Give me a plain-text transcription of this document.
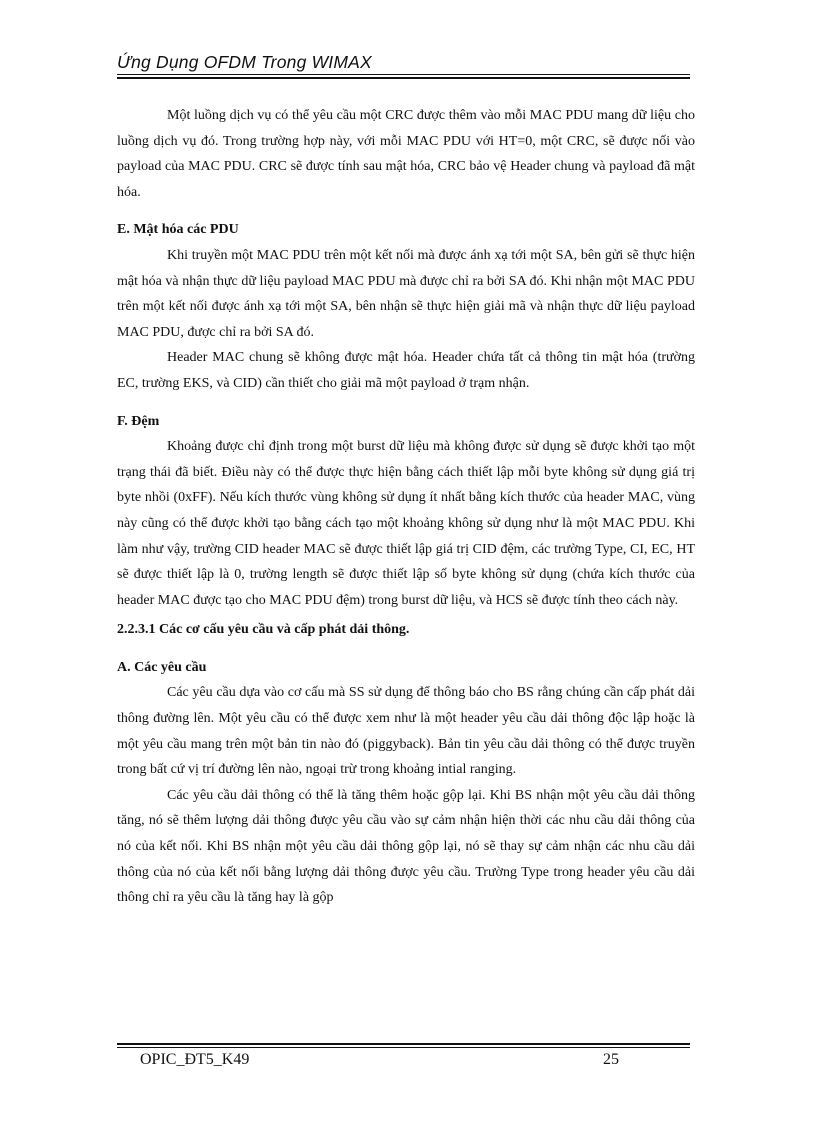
Ứng Dụng OFDM Trong WIMAX

Một luồng dịch vụ có thể yêu cầu một CRC được thêm vào mỗi MAC PDU mang dữ liệu cho luồng dịch vụ đó. Trong trường hợp này, với mỗi MAC PDU với HT=0, một CRC, sẽ được nối vào payload của MAC PDU. CRC sẽ được tính sau mật hóa, CRC bảo vệ Header chung và payload đã mật hóa.

E. Mật hóa các PDU

Khi truyền một MAC PDU trên một kết nối mà được ánh xạ tới một SA, bên gửi sẽ thực hiện mật hóa và nhận thực dữ liệu payload MAC PDU mà được chỉ ra bởi SA đó. Khi nhận một MAC PDU trên một kết nối được ánh xạ tới một SA, bên nhận sẽ thực hiện giải mã và nhận thực dữ liệu payload MAC PDU, được chỉ ra bởi SA đó.

Header MAC chung sẽ không được mật hóa. Header chứa tất cả thông tin mật hóa (trường EC, trường EKS, và CID) cần thiết cho giải mã một payload ở trạm nhận.

F. Đệm

Khoảng được chỉ định trong một burst dữ liệu mà không được sử dụng sẽ được khởi tạo một trạng thái đã biết. Điều này có thể được thực hiện bằng cách thiết lập mỗi byte không sử dụng giá trị byte nhồi (0xFF). Nếu kích thước vùng không sử dụng ít nhất bằng kích thước của header MAC, vùng này cũng có thể được khởi tạo bằng cách tạo một khoảng không sử dụng như là một MAC PDU. Khi làm như vậy, trường CID header MAC sẽ được thiết lập giá trị CID đệm, các trường Type, CI, EC, HT sẽ được thiết lập là 0, trường length sẽ được thiết lập số byte không sử dụng (chứa kích thước của header MAC được tạo cho MAC PDU đệm) trong burst dữ liệu, và HCS sẽ được tính theo cách này.

2.2.3.1 Các cơ cấu yêu cầu và cấp phát dải thông.

A. Các yêu cầu

Các yêu cầu dựa vào cơ cấu mà SS sử dụng để thông báo cho BS rằng chúng cần cấp phát dải thông đường lên. Một yêu cầu có thể được xem như là một header yêu cầu dải thông độc lập hoặc là một yêu cầu mang trên một bản tin nào đó (piggyback). Bản tin yêu cầu dải thông có thể được truyền trong bất cứ vị trí đường lên nào, ngoại trừ trong khoảng intial ranging.

Các yêu cầu dải thông có thể là tăng thêm hoặc gộp lại. Khi BS nhận một yêu cầu dải thông tăng, nó sẽ thêm lượng dải thông được yêu cầu vào sự cảm nhận hiện thời các nhu cầu dải thông của nó của kết nối. Khi BS nhận một yêu cầu dải thông gộp lại, nó sẽ thay sự cảm nhận các nhu cầu dải thông của nó của kết nối bằng lượng dải thông được yêu cầu. Trường Type trong header yêu cầu dải thông chỉ ra yêu cầu là tăng hay là gộp

OPIC_ĐT5_K49	25
